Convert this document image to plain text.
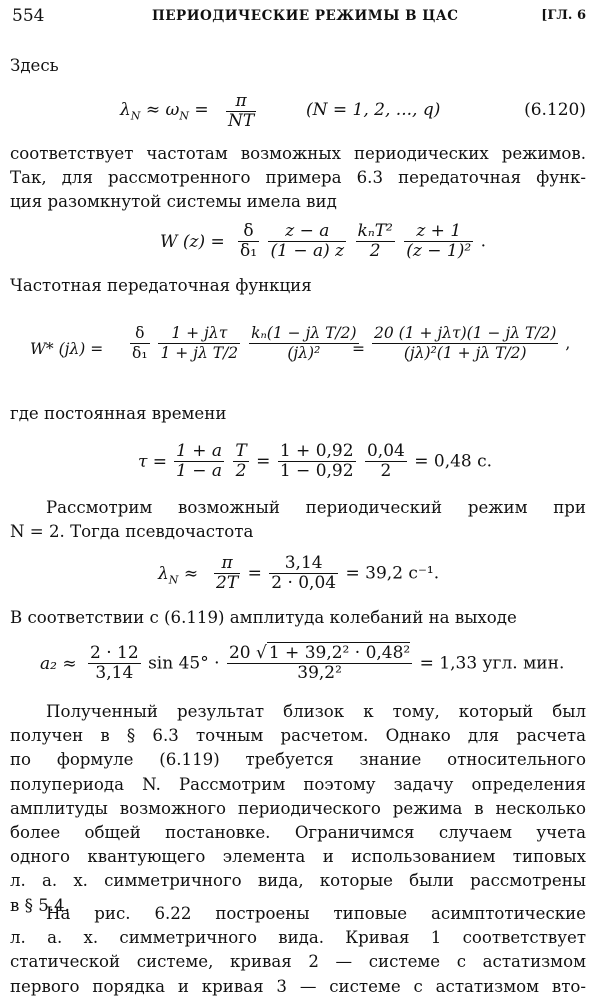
554	ПЕРИОДИЧЕСКИЕ РЕЖИМЫ В ЦАС	[ГЛ. 6
Здесь
$\lambda_N \approx \omega_N = \frac{\pi}{NT}$	(N = 1, 2, ..., q)	(6.120)
соответствует частотам возможных периодических режимов.
Так, для рассмотренного примера 6.3 передаточная функ-
ция разомкнутой системы имела вид
W $(z) = \frac{\delta}{\text{δ₁}}$
$\frac{z - a}{(1 - a) z}$
$\frac{\text{kₙT²}}{2}$
$\frac{z + 1}{\text{(z − 1)²}}$ .
Частотная передаточная функция
W* $(j\lambda) = \frac{\delta}{\text{δ₁}}$
$\frac{\text{1 + jλτ}}{\text{1 + jλ T/2}}$
$\frac{\text{kₙ(1 − jλ T/2)}}{\text{(jλ)²}}$
= $\frac{\text{20 (1 + jλτ)(1 − jλ T/2)}}{\text{(jλ)²(1 + jλ T/2)}}$ ,
где постоянная времени
$\tau = \frac{1 + a}{1 - a}$
$\frac{T}{2} = \frac{1 + 0,92}{1 - 0,92}$
$\frac{0,04}{2} = 0,48$ с.
Рассмотрим возможный периодический режим при
N = 2. Тогда псевдочастота
$\lambda_N \approx \frac{\pi}{2T} = \frac{3,14}{2 \cdot 0,04} = 39,2$ с⁻¹.
В соответствии с (6.119) амплитуда колебаний на выходе
$a_2 \approx \frac{2 \cdot 12}{3,14}$ $\sin 45^\circ \cdot \frac{\text{20 √ 1 + 39,2² · 0,48²}}{\text{39,2²}} = 1,33$ угл. мин.
Полученный результат близок к тому, который был
получен в § 6.3 точным расчетом. Однако для расчета
по формуле (6.119) требуется знание относительного
полупериода N. Рассмотрим поэтому задачу определения
амплитуды возможного периодического режима в несколько
более общей постановке. Ограничимся случаем учета
одного квантующего элемента и использованием типовых
л. а. х. симметричного вида, которые были рассмотрены
в § 5.4.
На рис. 6.22 построены типовые асимптотические
л. а. х. симметричного вида. Кривая 1 соответствует
статической системе, кривая 2 — системе с астатизмом
первого порядка и кривая 3 — системе с астатизмом вто-
